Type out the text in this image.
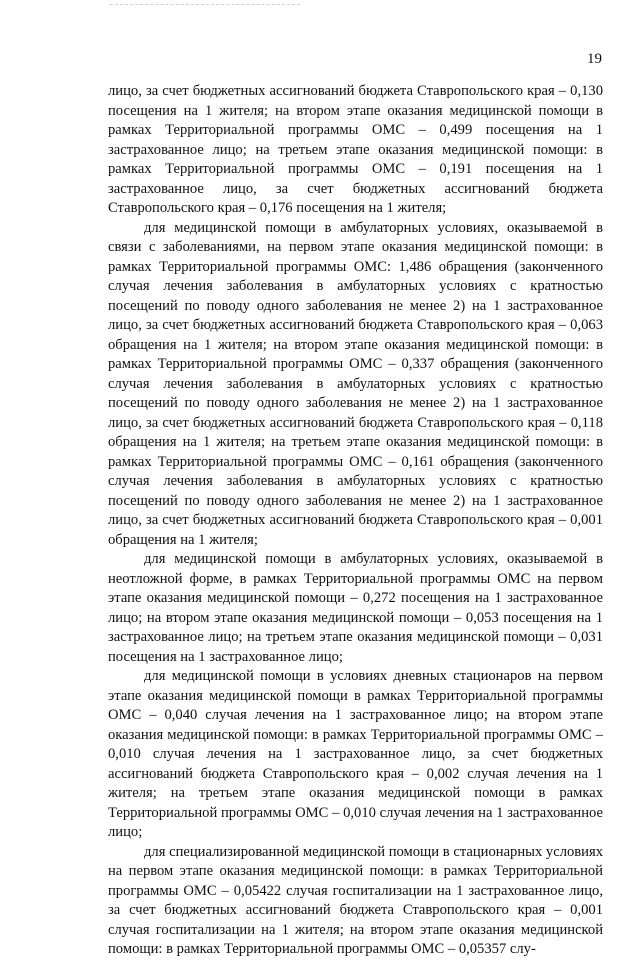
19

лицо, за счет бюджетных ассигнований бюджета Ставропольского края – 0,130 посещения на 1 жителя; на втором этапе оказания медицинской помощи в рамках Территориальной программы ОМС – 0,499 посещения на 1 застрахованное лицо; на третьем этапе оказания медицинской помощи: в рамках Территориальной программы ОМС – 0,191 посещения на 1 застрахованное лицо, за счет бюджетных ассигнований бюджета Ставропольского края – 0,176 посещения на 1 жителя;

для медицинской помощи в амбулаторных условиях, оказываемой в связи с заболеваниями, на первом этапе оказания медицинской помощи: в рамках Территориальной программы ОМС: 1,486 обращения (законченного случая лечения заболевания в амбулаторных условиях с кратностью посещений по поводу одного заболевания не менее 2) на 1 застрахованное лицо, за счет бюджетных ассигнований бюджета Ставропольского края – 0,063 обращения на 1 жителя; на втором этапе оказания медицинской помощи: в рамках Территориальной программы ОМС – 0,337 обращения (законченного случая лечения заболевания в амбулаторных условиях с кратностью посещений по поводу одного заболевания не менее 2) на 1 застрахованное лицо, за счет бюджетных ассигнований бюджета Ставропольского края – 0,118 обращения на 1 жителя; на третьем этапе оказания медицинской помощи: в рамках Территориальной программы ОМС – 0,161 обращения (законченного случая лечения заболевания в амбулаторных условиях с кратностью посещений по поводу одного заболевания не менее 2) на 1 застрахованное лицо, за счет бюджетных ассигнований бюджета Ставропольского края – 0,001 обращения на 1 жителя;

для медицинской помощи в амбулаторных условиях, оказываемой в неотложной форме, в рамках Территориальной программы ОМС на первом этапе оказания медицинской помощи – 0,272 посещения на 1 застрахованное лицо; на втором этапе оказания медицинской помощи – 0,053 посещения на 1 застрахованное лицо; на третьем этапе оказания медицинской помощи – 0,031 посещения на 1 застрахованное лицо;

для медицинской помощи в условиях дневных стационаров на первом этапе оказания медицинской помощи в рамках Территориальной программы ОМС – 0,040 случая лечения на 1 застрахованное лицо; на втором этапе оказания медицинской помощи: в рамках Территориальной программы ОМС – 0,010 случая лечения на 1 застрахованное лицо, за счет бюджетных ассигнований бюджета Ставропольского края – 0,002 случая лечения на 1 жителя; на третьем этапе оказания медицинской помощи в рамках Территориальной программы ОМС – 0,010 случая лечения на 1 застрахованное лицо;

для специализированной медицинской помощи в стационарных условиях на первом этапе оказания медицинской помощи: в рамках Территориальной программы ОМС – 0,05422 случая госпитализации на 1 застрахованное лицо, за счет бюджетных ассигнований бюджета Ставропольского края – 0,001 случая госпитализации на 1 жителя; на втором этапе оказания медицинской помощи: в рамках Территориальной программы ОМС – 0,05357 слу-
